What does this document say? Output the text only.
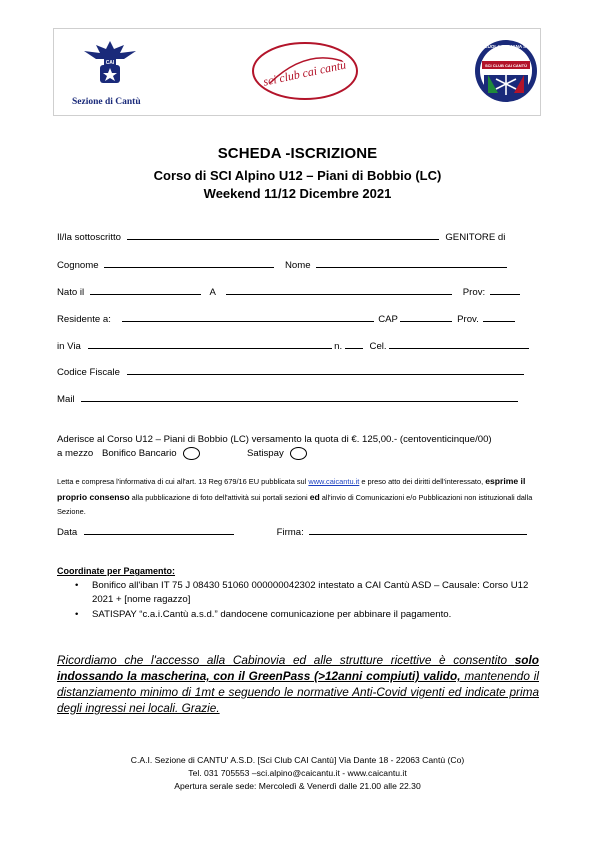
CAI
Sezione di Cantù
sci club cai cantù	SCI CLUB CAI CANTÙ
SCUOLA ITALIANA SCI
SCHEDA -ISCRIZIONE
Corso di SCI Alpino U12 – Piani di Bobbio (LC)
Weekend 11/12 Dicembre 2021
Il/la sottoscritto	GENITORE di
Cognome	Nome
Nato il	A	Prov:
Residente a:	CAP	Prov.
in Via	n.	Cel.
Codice Fiscale
Mail
Aderisce al Corso U12 – Piani di Bobbio (LC) versamento la quota di €. 125,00.- (centoventicinque/00)
a mezzo Bonifico Bancario	Satispay
Letta e compresa l'informativa di cui all'art. 13 Reg 679/16 EU pubblicata sul www.caicantu.it e preso atto dei diritti dell'interessato, esprime il proprio consenso alla pubblicazione di foto dell'attività sui portali sezioni ed all'invio di Comunicazioni e/o Pubblicazioni non istituzionali dalla Sezione.
Data	Firma:
Coordinate per Pagamento:
• Bonifico all'iban IT 75 J 08430 51060 000000042302 intestato a CAI Cantù ASD – Causale: Corso U12 2021 + [nome ragazzo]
• SATISPAY “c.a.i.Cantù a.s.d.” dandocene comunicazione per abbinare il pagamento.
Ricordiamo che l'accesso alla Cabinovia ed alle strutture ricettive è consentito solo indossando la mascherina, con il GreenPass (>12anni compiuti) valido, mantenendo il distanziamento minimo di 1mt e seguendo le normative Anti-Covid vigenti ed indicate prima degli ingressi nei locali. Grazie.
C.A.I. Sezione di CANTU' A.S.D. [Sci Club CAI Cantù] Via Dante 18 - 22063 Cantù (Co)
Tel. 031 705553 –sci.alpino@caicantu.it - www.caicantu.it
Apertura serale sede: Mercoledì & Venerdì dalle 21.00 alle 22.30
